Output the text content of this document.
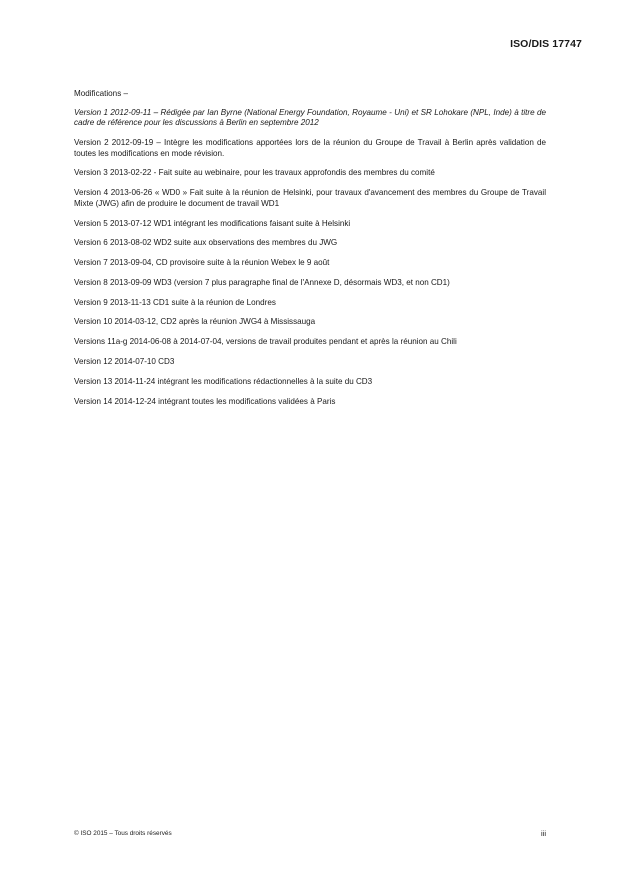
ISO/DIS 17747

Modifications –

Version 1 2012-09-11 – Rédigée par Ian Byrne (National Energy Foundation, Royaume - Uni) et SR Lohokare (NPL, Inde) à titre de cadre de référence pour les discussions à Berlin en septembre 2012

Version 2 2012-09-19 – Intègre les modifications apportées lors de la réunion du Groupe de Travail à Berlin après validation de toutes les modifications en mode révision.

Version 3 2013-02-22 - Fait suite au webinaire, pour les travaux approfondis des membres du comité

Version 4 2013-06-26 « WD0 » Fait suite à la réunion de Helsinki, pour travaux d'avancement des membres du Groupe de Travail Mixte (JWG) afin de produire le document de travail WD1

Version 5 2013-07-12 WD1 intégrant les modifications faisant suite à Helsinki

Version 6 2013-08-02 WD2 suite aux observations des membres du JWG

Version 7 2013-09-04, CD provisoire suite à la réunion Webex le 9 août

Version 8 2013-09-09 WD3 (version 7 plus paragraphe final de l'Annexe D, désormais WD3, et non CD1)

Version 9 2013-11-13 CD1 suite à la réunion de Londres

Version 10 2014-03-12, CD2 après la réunion JWG4 à Mississauga

Versions 11a-g 2014-06-08 à 2014-07-04, versions de travail produites pendant et après la réunion au Chili

Version 12 2014-07-10 CD3

Version 13 2014-11-24 intégrant les modifications rédactionnelles à la suite du CD3

Version 14 2014-12-24 intégrant toutes les modifications validées à Paris

© ISO 2015 – Tous droits réservés	iii
